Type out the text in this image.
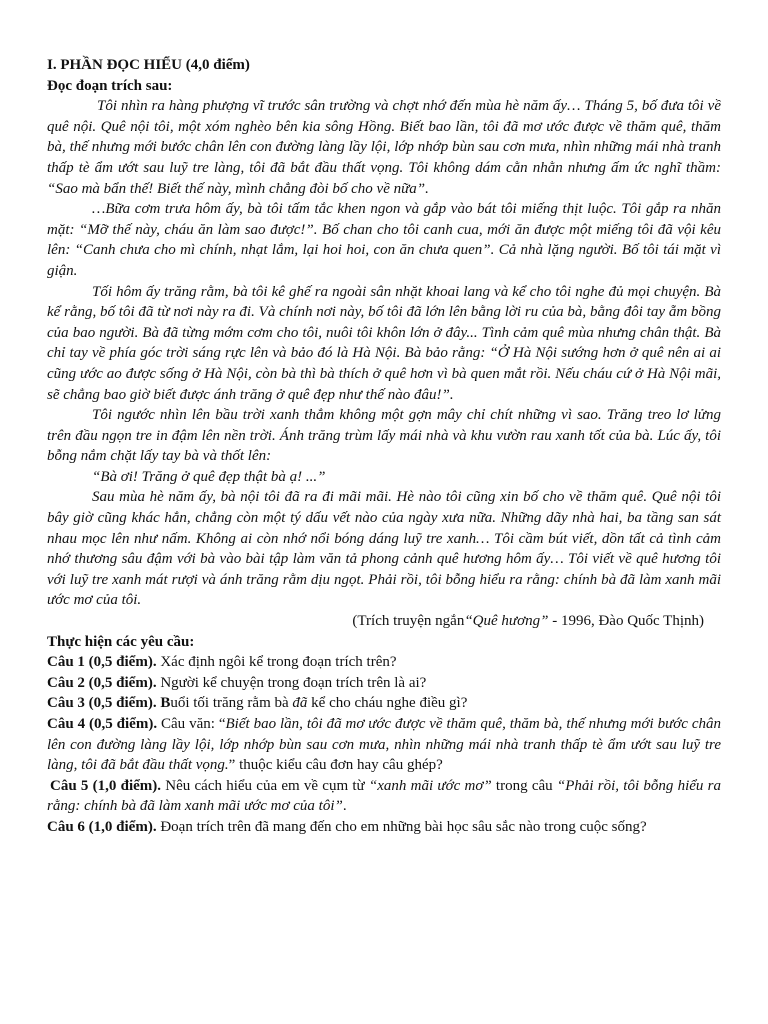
I. PHẦN ĐỌC HIỂU (4,0 điểm)
Đọc đoạn trích sau:
Tôi nhìn ra hàng phượng vĩ trước sân trường và chợt nhớ đến mùa hè năm ấy… Tháng 5, bố đưa tôi về quê nội. Quê nội tôi, một xóm nghèo bên kia sông Hồng. Biết bao lần, tôi đã mơ ước được về thăm quê, thăm bà, thế nhưng mới bước chân lên con đường làng lầy lội, lớp nhớp bùn sau cơn mưa, nhìn những mái nhà tranh thấp tè ẩm ướt sau luỹ tre làng, tôi đã bắt đầu thất vọng. Tôi không dám cằn nhằn nhưng ấm ức nghĩ thầm: “Sao mà bẩn thế! Biết thế này, mình chẳng đòi bố cho về nữa”.
…Bữa cơm trưa hôm ấy, bà tôi tấm tắc khen ngon và gắp vào bát tôi miếng thịt luộc. Tôi gắp ra nhăn mặt: “Mỡ thế này, cháu ăn làm sao được!”. Bố chan cho tôi canh cua, mới ăn được một miếng tôi đã vội kêu lên: “Canh chưa cho mì chính, nhạt lắm, lại hoi hoi, con ăn chưa quen”. Cả nhà lặng người. Bố tôi tái mặt vì giận.
Tối hôm ấy trăng rằm, bà tôi kê ghế ra ngoài sân nhặt khoai lang và kể cho tôi nghe đủ mọi chuyện. Bà kể rằng, bố tôi đã từ nơi này ra đi. Và chính nơi này, bố tôi đã lớn lên bằng lời ru của bà, bằng đôi tay ẵm bồng của bao người. Bà đã từng mớm cơm cho tôi, nuôi tôi khôn lớn ở đây... Tình cảm quê mùa nhưng chân thật. Bà chỉ tay về phía góc trời sáng rực lên và bảo đó là Hà Nội. Bà bảo rằng: “Ở Hà Nội sướng hơn ở quê nên ai ai cũng ước ao được sống ở Hà Nội, còn bà thì bà thích ở quê hơn vì bà quen mắt rồi. Nếu cháu cứ ở Hà Nội mãi, sẽ chẳng bao giờ biết được ánh trăng ở quê đẹp như thế nào đâu!”.
Tôi ngước nhìn lên bầu trời xanh thẳm không một gợn mây chỉ chít những vì sao. Trăng treo lơ lửng trên đầu ngọn tre in đậm lên nền trời. Ánh trăng trùm lấy mái nhà và khu vườn rau xanh tốt của bà. Lúc ấy, tôi bỗng nắm chặt lấy tay bà và thốt lên:
“Bà ơi! Trăng ở quê đẹp thật bà ạ! ...”
Sau mùa hè năm ấy, bà nội tôi đã ra đi mãi mãi. Hè nào tôi cũng xin bố cho về thăm quê. Quê nội tôi bây giờ cũng khác hẳn, chẳng còn một tý dấu vết nào của ngày xưa nữa. Những dãy nhà hai, ba tầng san sát nhau mọc lên như nấm. Không ai còn nhớ nổi bóng dáng luỹ tre xanh… Tôi cầm bút viết, dồn tất cả tình cảm nhớ thương sâu đậm với bà vào bài tập làm văn tả phong cảnh quê hương hôm ấy… Tôi viết về quê hương tôi với luỹ tre xanh mát rượi và ánh trăng rằm dịu ngọt. Phải rồi, tôi bỗng hiểu ra rằng: chính bà đã làm xanh mãi ước mơ của tôi.
(Trích truyện ngắn“Quê hương” - 1996, Đào Quốc Thịnh)
Thực hiện các yêu cầu:
Câu 1 (0,5 điểm). Xác định ngôi kể trong đoạn trích trên?
Câu 2 (0,5 điểm). Người kể chuyện trong đoạn trích trên là ai?
Câu 3 (0,5 điểm). Buổi tối trăng rằm bà đã kể cho cháu nghe điều gì?
Câu 4 (0,5 điểm). Câu văn: “Biết bao lần, tôi đã mơ ước được về thăm quê, thăm bà, thế nhưng mới bước chân lên con đường làng lầy lội, lớp nhớp bùn sau cơn mưa, nhìn những mái nhà tranh thấp tè ẩm ướt sau luỹ tre làng, tôi đã bắt đầu thất vọng.” thuộc kiểu câu đơn hay câu ghép?
Câu 5 (1,0 điểm). Nêu cách hiểu của em về cụm từ “xanh mãi ước mơ” trong câu “Phải rồi, tôi bỗng hiểu ra rằng: chính bà đã làm xanh mãi ước mơ của tôi”.
Câu 6 (1,0 điểm). Đoạn trích trên đã mang đến cho em những bài học sâu sắc nào trong cuộc sống?
